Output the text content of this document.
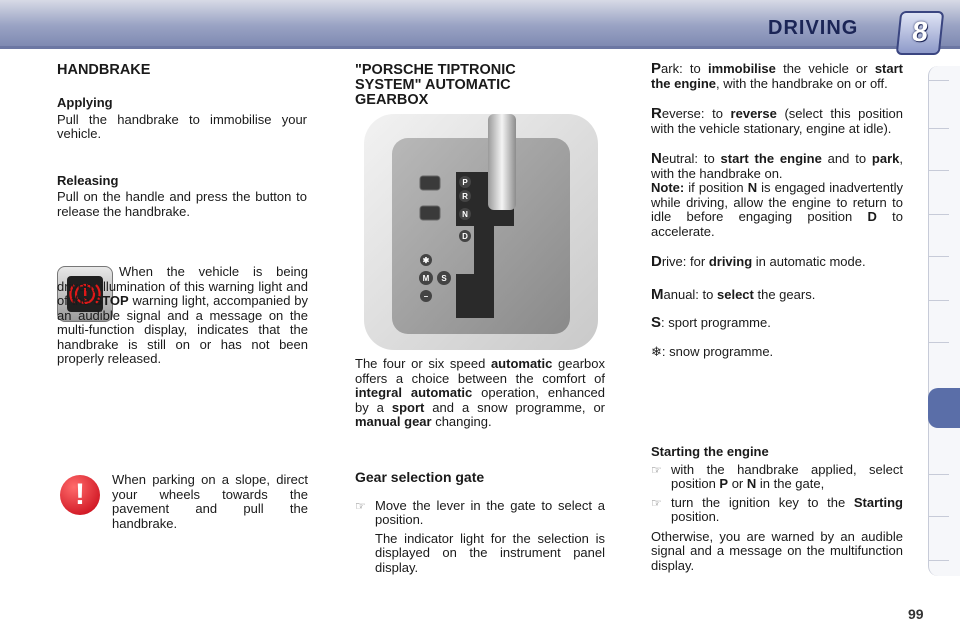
DRIVING	8
HANDBRAKE
Applying

Pull the handbrake to immobilise your vehicle.

Releasing

Pull on the handle and press the button to release the handbrake.

When the vehicle is being driven, illumination of this warning light and of the STOP warning light, accompanied by an audible signal and a message on the multi-function display, indicates that the handbrake is still on or has not been properly released.

!	When parking on a slope, direct your wheels towards the pavement and pull the handbrake.

"PORSCHE TIPTRONIC SYSTEM" AUTOMATIC GEARBOX
P
R
N
D
✱
M S
–

The four or six speed automatic gearbox offers a choice between the comfort of integral automatic operation, enhanced by a sport and a snow programme, or manual gear changing.

Gear selection gate
☞ Move the lever in the gate to select a position.

The indicator light for the selection is displayed on the instrument panel display.

Park: to immobilise the vehicle or start the engine, with the handbrake on or off.

Reverse: to reverse (select this position with the vehicle stationary, engine at idle).

Neutral: to start the engine and to park, with the handbrake on.

Note: if position N is engaged inadvertently while driving, allow the engine to return to idle before engaging position D to accelerate.

Drive: for driving in automatic mode.

Manual: to select the gears.

S: sport programme.

❄: snow programme.

Starting the engine
☞ with the handbrake applied, select position P or N in the gate,

☞ turn the ignition key to the Starting position.

Otherwise, you are warned by an audible signal and a message on the multifunction display.

99
